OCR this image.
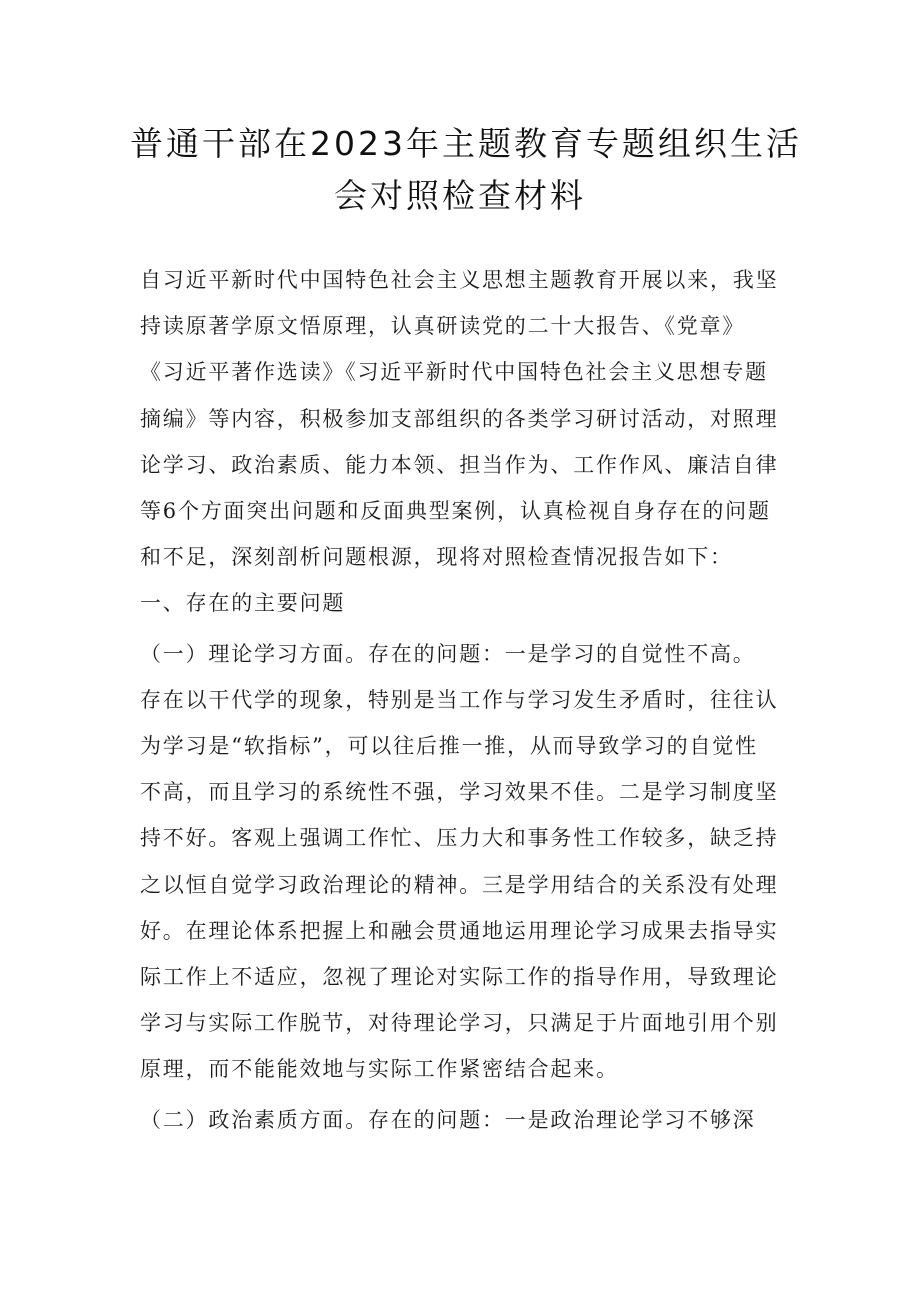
普通干部在2023年主题教育专题组织生活
会对照检查材料
自习近平新时代中国特色社会主义思想主题教育开展以来，我坚
持读原著学原文悟原理，认真研读党的二十大报告、《党章》
《习近平著作选读》《习近平新时代中国特色社会主义思想专题
摘编》等内容，积极参加支部组织的各类学习研讨活动，对照理
论学习、政治素质、能力本领、担当作为、工作作风、廉洁自律
等6个方面突出问题和反面典型案例，认真检视自身存在的问题
和不足，深刻剖析问题根源，现将对照检查情况报告如下：
一、存在的主要问题
（一）理论学习方面。存在的问题：一是学习的自觉性不高。
存在以干代学的现象，特别是当工作与学习发生矛盾时，往往认
为学习是“软指标”，可以往后推一推，从而导致学习的自觉性
不高，而且学习的系统性不强，学习效果不佳。二是学习制度坚
持不好。客观上强调工作忙、压力大和事务性工作较多，缺乏持
之以恒自觉学习政治理论的精神。三是学用结合的关系没有处理
好。在理论体系把握上和融会贯通地运用理论学习成果去指导实
际工作上不适应，忽视了理论对实际工作的指导作用，导致理论
学习与实际工作脱节，对待理论学习，只满足于片面地引用个别
原理，而不能能效地与实际工作紧密结合起来。
（二）政治素质方面。存在的问题：一是政治理论学习不够深
